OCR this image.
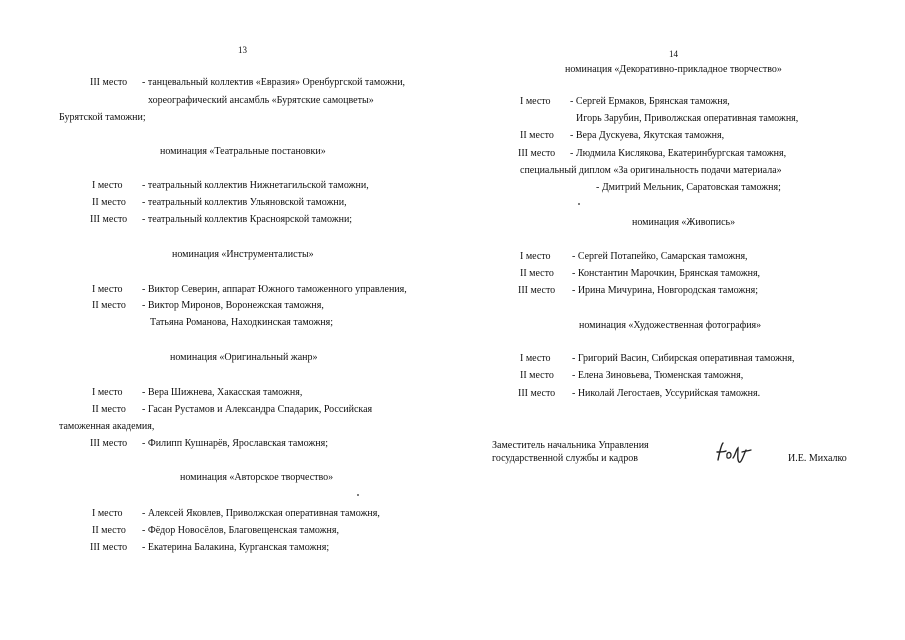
13
III место - танцевальный коллектив «Евразия» Оренбургской таможни,
хореографический ансамбль «Бурятские самоцветы»
Бурятской таможни;
номинация «Театральные постановки»
I место - театральный коллектив Нижнетагильской таможни,
II место - театральный коллектив Ульяновской таможни,
III место - театральный коллектив Красноярской таможни;
номинация «Инструменталисты»
I место - Виктор Северин, аппарат Южного таможенного управления,
II место - Виктор Миронов, Воронежская таможня,
Татьяна Романова, Находкинская таможня;
номинация «Оригинальный жанр»
I место - Вера Шижнева, Хакасская таможня,
II место - Гасан Рустамов и Александра Спадарик, Российская
таможенная академия,
III место - Филипп Кушнарёв, Ярославская таможня;
номинация «Авторское творчество»
I место - Алексей Яковлев, Приволжская оперативная таможня,
II место - Фёдор Новосёлов, Благовещенская таможня,
III место - Екатерина Балакина, Курганская таможня;
14
номинация «Декоративно-прикладное творчество»
I место - Сергей Ермаков, Брянская таможня,
Игорь Зарубин, Приволжская оперативная таможня,
II место - Вера Дускуева, Якутская таможня,
III место - Людмила Кислякова, Екатеринбургская таможня,
специальный диплом «За оригинальность подачи материала»
- Дмитрий Мельник, Саратовская таможня;
номинация «Живопись»
I место - Сергей Потапейко, Самарская таможня,
II место - Константин Марочкин, Брянская таможня,
III место - Ирина Мичурина, Новгородская таможня;
номинация «Художественная фотография»
I место - Григорий Васин, Сибирская оперативная таможня,
II место - Елена Зиновьева, Тюменская таможня,
III место - Николай Легостаев, Уссурийская таможня.
Заместитель начальника Управления
государственной службы и кадров	И.Е. Михалко
